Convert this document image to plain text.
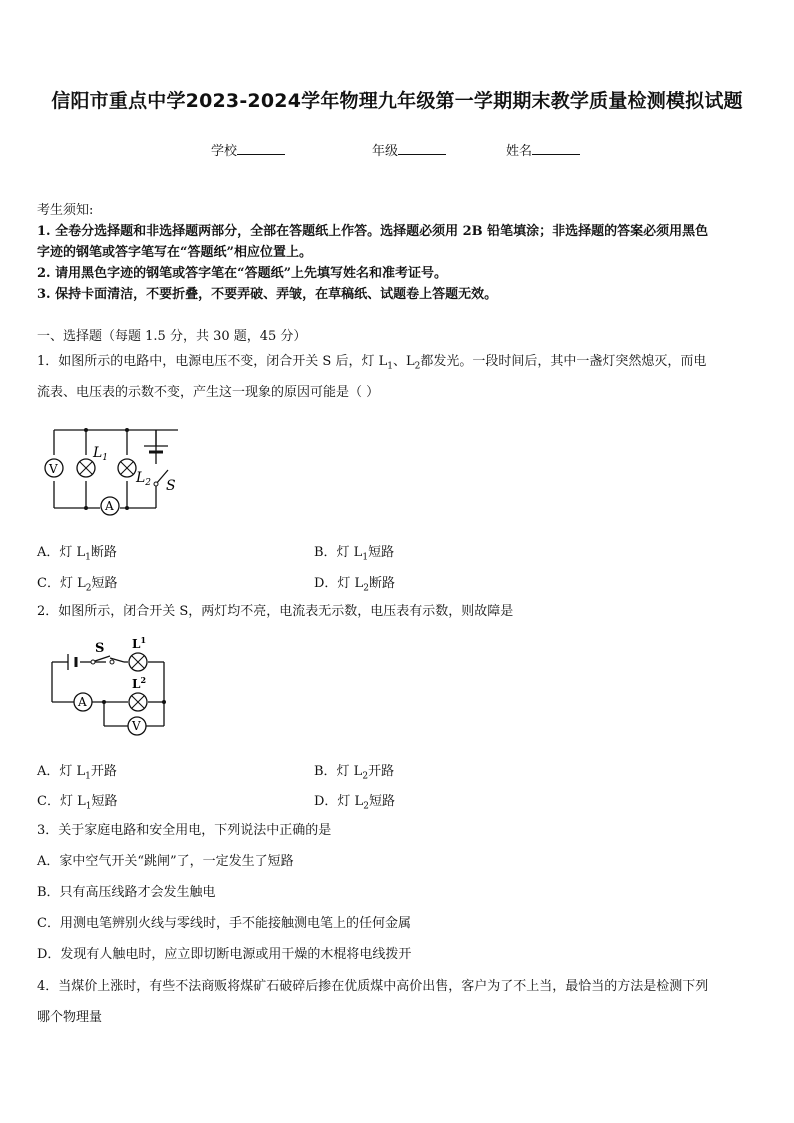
信阳市重点中学2023-2024学年物理九年级第一学期期末教学质量检测模拟试题
学校	年级	姓名
考生须知:
1. 全卷分选择题和非选择题两部分，全部在答题纸上作答。选择题必须用 2B 铅笔填涂；非选择题的答案必须用黑色
字迹的钢笔或答字笔写在“答题纸”相应位置上。
2. 请用黑色字迹的钢笔或答字笔在“答题纸”上先填写姓名和准考证号。
3. 保持卡面清洁，不要折叠，不要弄破、弄皱，在草稿纸、试题卷上答题无效。
一、选择题（每题 1.5 分，共 30 题，45 分）
1．如图所示的电路中，电源电压不变，闭合开关 S 后，灯 $L_1$、$L_2$都发光。一段时间后，其中一盏灯突然熄灭，而电
流表、电压表的示数不变，产生这一现象的原因可能是（ ）
V
$L_1$
$L_2$ S
A
A．灯 $L_1$断路	B．灯 $L_1$短路
C．灯 $L_2$短路	D．灯 $L_2$断路
2．如图所示，闭合开关 S，两灯均不亮，电流表无示数，电压表有示数，则故障是
S $L^1$
$L^2$
A
V
A．灯 $L_1$开路	B．灯 $L_2$开路
C．灯 $L_1$短路	D．灯 $L_2$短路
3．关于家庭电路和安全用电，下列说法中正确的是
A．家中空气开关“跳闸”了，一定发生了短路
B．只有高压线路才会发生触电
C．用测电笔辨别火线与零线时，手不能接触测电笔上的任何金属
D．发现有人触电时，应立即切断电源或用干燥的木棍将电线拨开
4．当煤价上涨时，有些不法商贩将煤矿石破碎后掺在优质煤中高价出售，客户为了不上当，最恰当的方法是检测下列
哪个物理量
